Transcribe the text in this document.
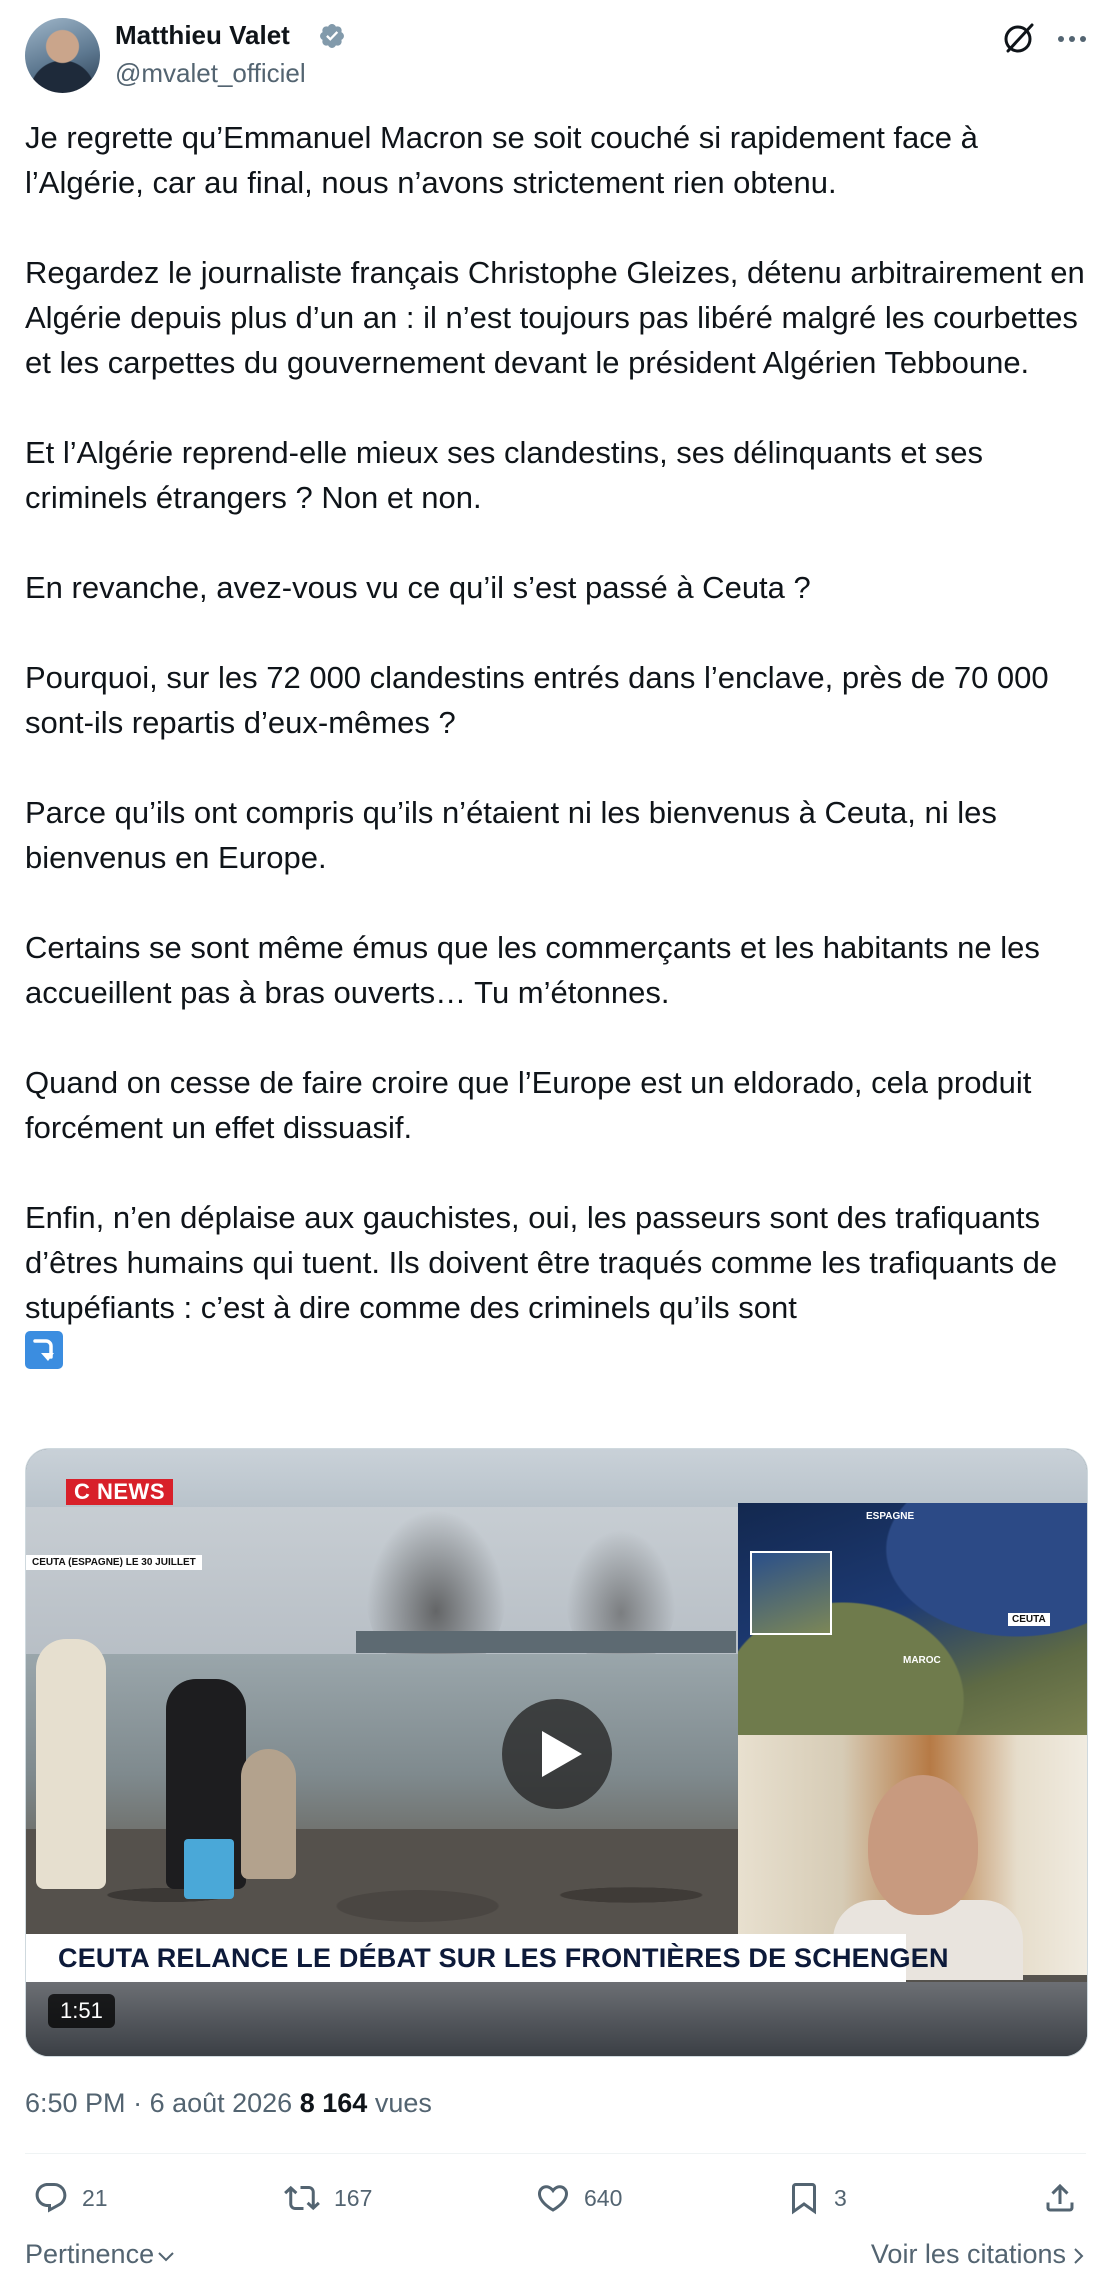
Matthieu Valet
@mvalet_officiel

Je regrette qu’Emmanuel Macron se soit couché si rapidement face à l’Algérie, car au final, nous n’avons strictement rien obtenu.

Regardez le journaliste français Christophe Gleizes, détenu arbitrairement en Algérie depuis plus d’un an : il n’est toujours pas libéré malgré les courbettes et les carpettes du gouvernement devant le président Algérien Tebboune.

Et l’Algérie reprend-elle mieux ses clandestins, ses délinquants et ses criminels étrangers ? Non et non.

En revanche, avez-vous vu ce qu’il s’est passé à Ceuta ?

Pourquoi, sur les 72 000 clandestins entrés dans l’enclave, près de 70 000 sont-ils repartis d’eux-mêmes ?

Parce qu’ils ont compris qu’ils n’étaient ni les bienvenus à Ceuta, ni les bienvenus en Europe.

Certains se sont même émus que les commerçants et les habitants ne les accueillent pas à bras ouverts… Tu m’étonnes.

Quand on cesse de faire croire que l’Europe est un eldorado, cela produit forcément un effet dissuasif.

Enfin, n’en déplaise aux gauchistes, oui, les passeurs sont des trafiquants d’êtres humains qui tuent. Ils doivent être traqués comme les trafiquants de stupéfiants : c’est à dire comme des criminels qu’ils sont

C NEWS
CEUTA (ESPAGNE) LE 30 JUILLET
ESPAGNE
MAROC
CEUTA
CEUTA RELANCE LE DÉBAT SUR LES FRONTIÈRES DE SCHENGEN
1:51
6:50 PM · 6 août 2026 8 164 vues
21	167	640	3
Pertinence	Voir les citations
